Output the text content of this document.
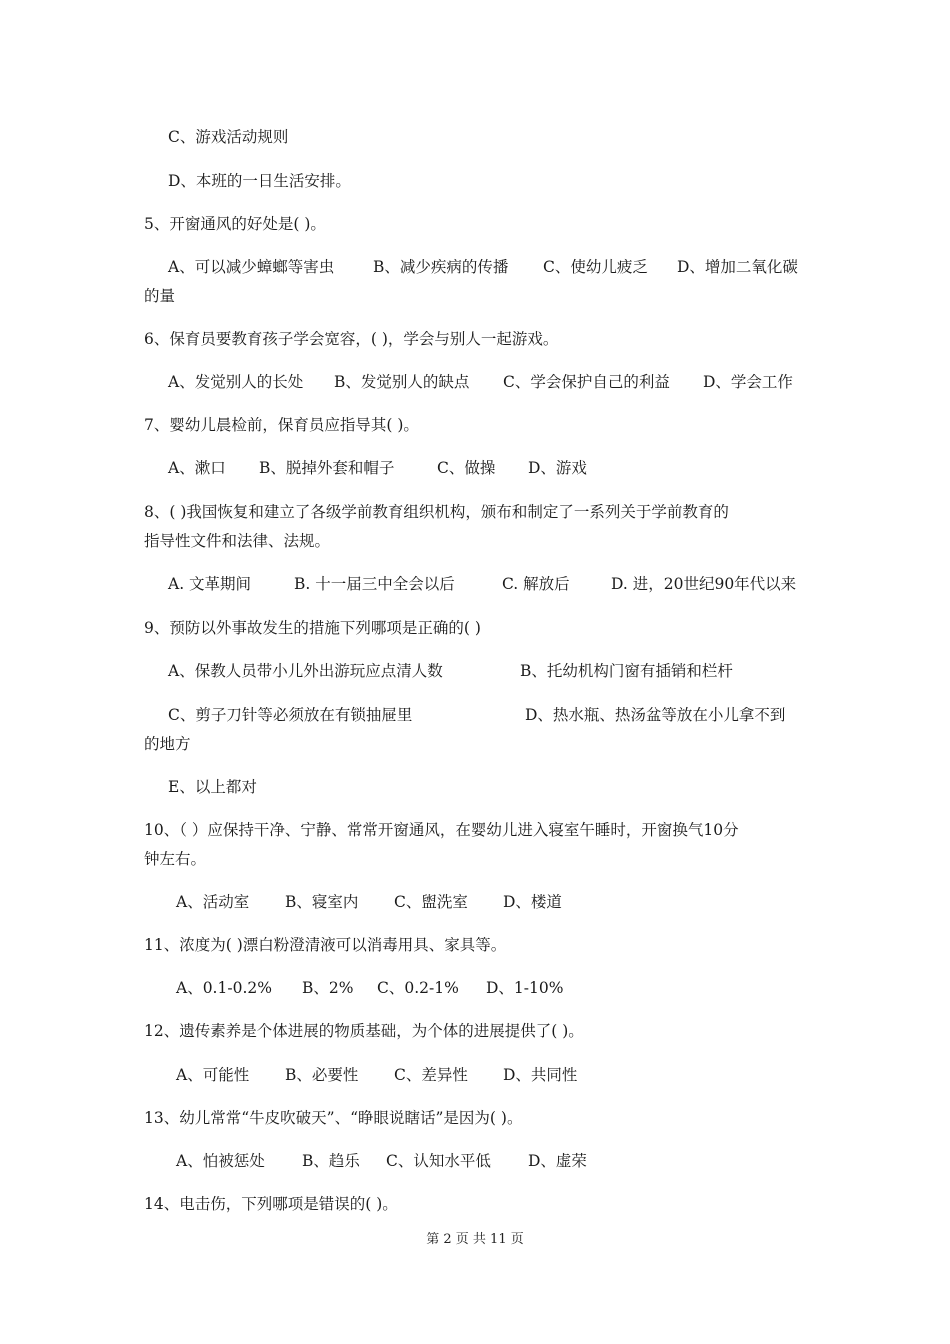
C、游戏活动规则
D、本班的一日生活安排。
5、开窗通风的好处是( )。
A、可以减少蟑螂等害虫	B、减少疾病的传播 C、使幼儿疲乏 D、增加二氧化碳
的量
6、保育员要教育孩子学会宽容，( )，学会与别人一起游戏。
A、发觉别人的长处 B、发觉别人的缺点 C、学会保护自己的利益 D、学会工作
7、婴幼儿晨检前，保育员应指导其( )。
A、漱口 B、脱掉外套和帽子	C、做操 D、游戏
8、( )我国恢复和建立了各级学前教育组织机构，颁布和制定了一系列关于学前教育的
指导性文件和法律、法规。
A. 文革期间	B. 十一届三中全会以后	C. 解放后	D. 进，20世纪90年代以来
9、预防以外事故发生的措施下列哪项是正确的( )
A、保教人员带小儿外出游玩应点清人数	B、托幼机构门窗有插销和栏杆
C、剪子刀针等必须放在有锁抽屉里	D、热水瓶、热汤盆等放在小儿拿不到
的地方
E、以上都对
10、（ ）应保持干净、宁静、常常开窗通风，在婴幼儿进入寝室午睡时，开窗换气10分
钟左右。
A、活动室 B、寝室内 C、盥洗室 D、楼道
11、浓度为( )漂白粉澄清液可以消毒用具、家具等。
A、0.1-0.2% B、2% C、0.2-1% D、1-10%
12、遗传素养是个体进展的物质基础，为个体的进展提供了( )。
A、可能性 B、必要性 C、差异性 D、共同性
13、幼儿常常“牛皮吹破天”、“睁眼说瞎话”是因为( )。
A、怕被惩处 B、趋乐 C、认知水平低 D、虚荣
14、电击伤，下列哪项是错误的( )。
第 2 页 共 11 页
